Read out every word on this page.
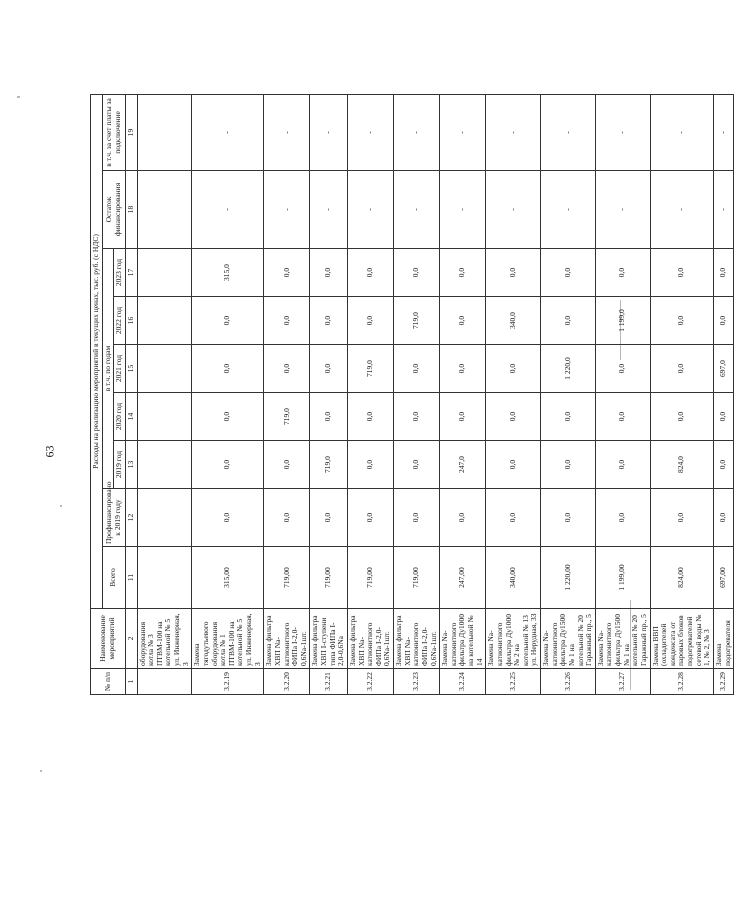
63
№ п/п	Наименование мероприятий	Расходы на реализацию мероприятий в текущих ценах, тыс. руб. (с НДС)								
		Всего	Профинансировано к 2019 году	в т.ч. по годам					Остаток финансирования	в т.ч. за счет платы за подключение
				2019 год	2020 год	2021 год	2022 год	2023 год		
1	2	11	12	13	14	15	16	17	18	19
	оборудования котла № 3 ПТВМ-100 на котельной № 5 ул. Инженерная, 3									
3.2.19	Замена тягодутьевого оборудования котла № 1 ПТВМ-100 на котельной № 5 ул. Инженерная, 3	315,00	0,0	0,0	0,0	0,0	0,0	315,0	-	-
3.2.20	Замена фильтра ХВП Na-катионитного ФИПа I-2,0-0,6Na-1шт.	719,00	0,0	0,0	719,0	0,0	0,0	0,0	-	-
3.2.21	Замена фильтра ХВП I-ступени типа ФИПа I-2,0-0,6Na	719,00	0,0	719,0	0,0	0,0	0,0	0,0	-	-
3.2.22	Замена фильтра ХВП Na-катионитного ФИПа I-2,0-0,6Na-1шт.	719,00	0,0	0,0	0,0	719,0	0,0	0,0	-	-
3.2.23	Замена фильтра ХВП Na-катионитного ФИПа I-2,0-0,6Na-1шт.	719,00	0,0	0,0	0,0	0,0	719,0	0,0	-	-
3.2.24	Замена Na-катионитного фильтра Ду1000 на котельной № 14	247,00	0,0	247,0	0,0	0,0	0,0	0,0	-	-
3.2.25	Замена Na-катионитного фильтра Ду1000 № 2 на котельной № 13 ул. Нерудная, 33	340,00	0,0	0,0	0,0	0,0	340,0	0,0	-	-
3.2.26	Замена Na-катионитного фильтра Ду1500 № 1 на котельной № 20 Гаражный пр., 5	1 220,00	0,0	0,0	0,0	1 220,0	0,0	0,0	-	-
3.2.27	Замена Na-катионитного фильтра Ду1500 № 1 на котельной № 20 Гаражный пр., 5	1 199,00	0,0	0,0	0,0	0,0	1 199,0	0,0	-	-
3.2.28	Замена ВВП (охладителей конденсата от паровых блоков подогревателей сетевой воды № 1, № 2, № 3	824,00	0,0	824,0	0,0	0,0	0,0	0,0	-	-
3.2.29	Замена подогревателя	697,00	0,0	0,0	0,0	697,0	0,0	0,0	-	-
